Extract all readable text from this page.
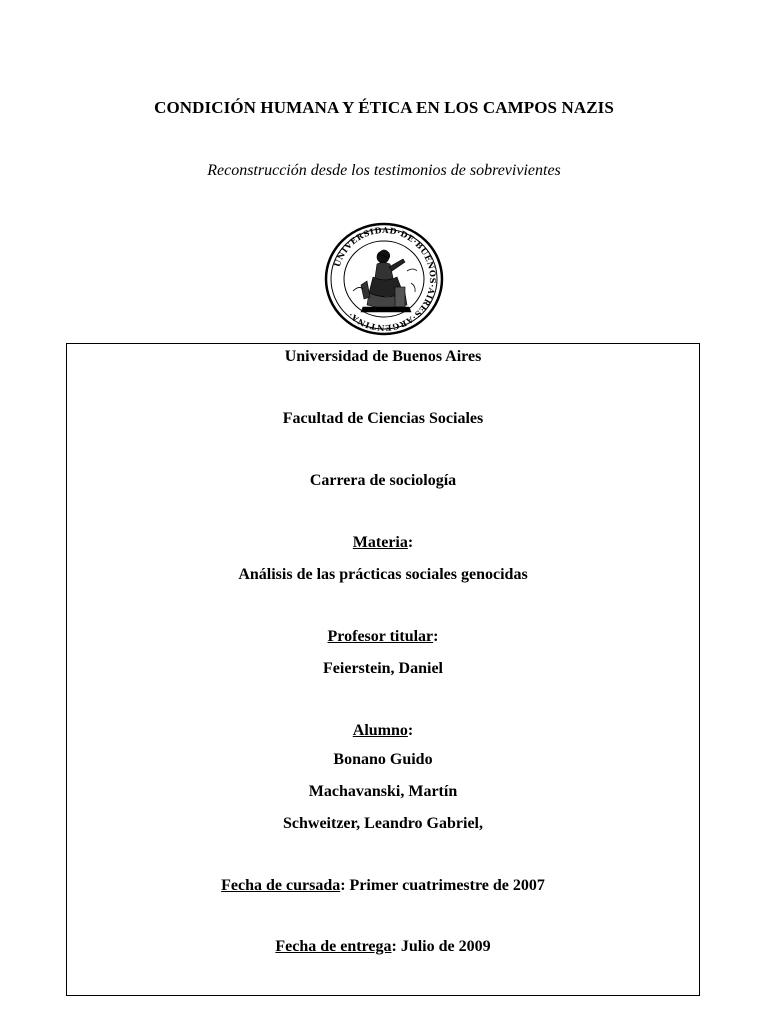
CONDICIÓN HUMANA Y ÉTICA EN LOS CAMPOS NAZIS
Reconstrucción desde los testimonios de sobrevivientes
UNIVERSIDAD·DE·BUENOS·AIRES·ARGENTINA·
Universidad de Buenos Aires
Facultad de Ciencias Sociales
Carrera de sociología
Materia:
Análisis de las prácticas sociales genocidas
Profesor titular:
Feierstein, Daniel
Alumno:
Bonano Guido
Machavanski, Martín
Schweitzer, Leandro Gabriel,
Fecha de cursada: Primer cuatrimestre de 2007
Fecha de entrega: Julio de 2009
